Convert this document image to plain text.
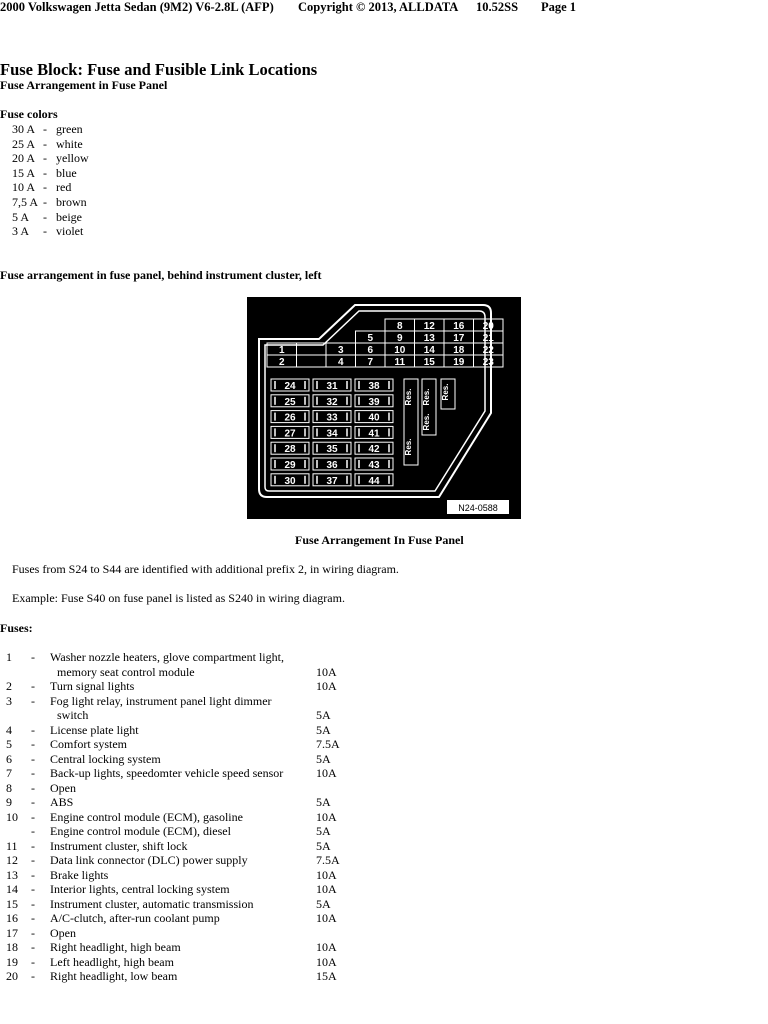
2000 Volkswagen Jetta Sedan (9M2) V6-2.8L (AFP) Copyright © 2013, ALLDATA 10.52SS Page 1
Fuse Block: Fuse and Fusible Link Locations
Fuse Arrangement in Fuse Panel
Fuse colors
30 A - green
25 A - white
20 A - yellow
15 A - blue
10 A - red
7,5 A - brown
5 A - beige
3 A - violet
Fuse arrangement in fuse panel, behind instrument cluster, left
8 12 16 20
5 9 13 17 21
1	3 6 10 14 18 22
2	4 7 11 15 19 23
24
25
26
27
28
29
30
31
32
33
34
35
36
37
38
39
40
41
42
43
44
Res.
Res.
Res.
Res.
Res.
N24-0588
Fuse Arrangement In Fuse Panel
Fuses from S24 to S44 are identified with additional prefix 2, in wiring diagram.
Example: Fuse S40 on fuse panel is listed as S240 in wiring diagram.
Fuses:
1	- Washer nozzle heaters, glove compartment light,
memory seat control module	10A
2	- Turn signal lights	10A
3	- Fog light relay, instrument panel light dimmer
switch	5A
4	- License plate light	5A
5	- Comfort system	7.5A
6	- Central locking system	5A
7	- Back-up lights, speedomter vehicle speed sensor	10A
8	- Open
9	- ABS	5A
10	- Engine control module (ECM), gasoline	10A
- Engine control module (ECM), diesel	5A
11	- Instrument cluster, shift lock	5A
12	- Data link connector (DLC) power supply	7.5A
13	- Brake lights	10A
14	- Interior lights, central locking system	10A
15	- Instrument cluster, automatic transmission	5A
16	- A/C-clutch, after-run coolant pump	10A
17	- Open
18	- Right headlight, high beam	10A
19	- Left headlight, high beam	10A
20	- Right headlight, low beam	15A
